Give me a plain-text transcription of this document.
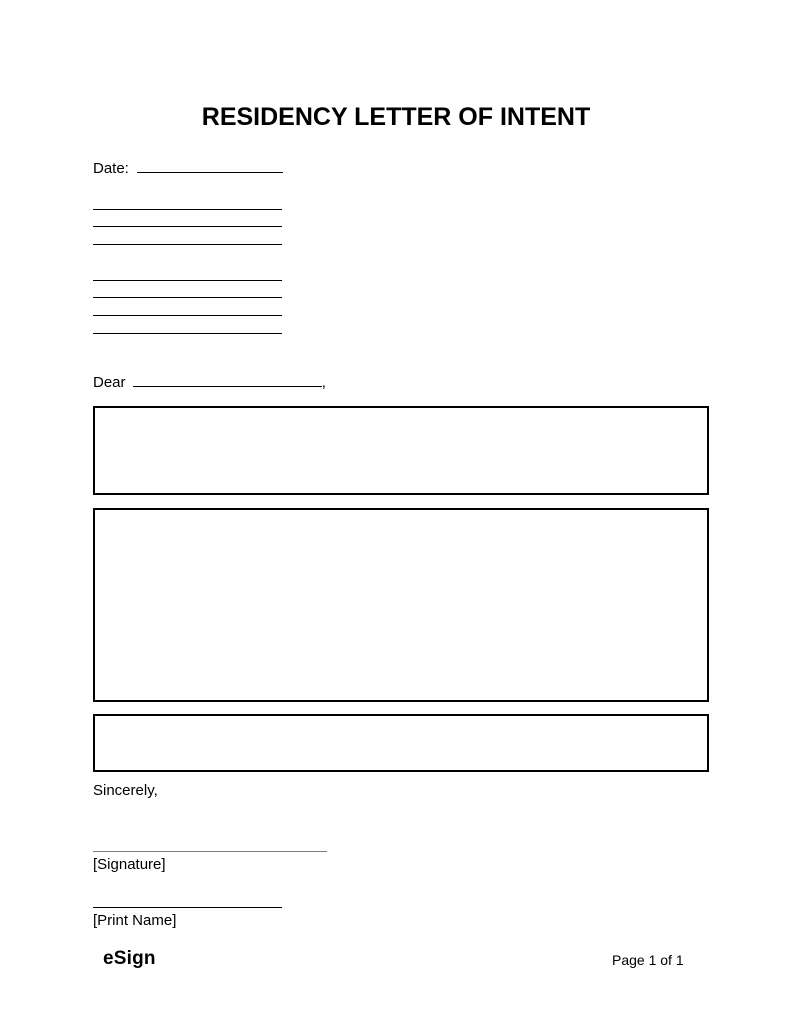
RESIDENCY LETTER OF INTENT
Date:
Dear	,
Sincerely,
[Signature]
[Print Name]
eSign	Page 1 of 1
